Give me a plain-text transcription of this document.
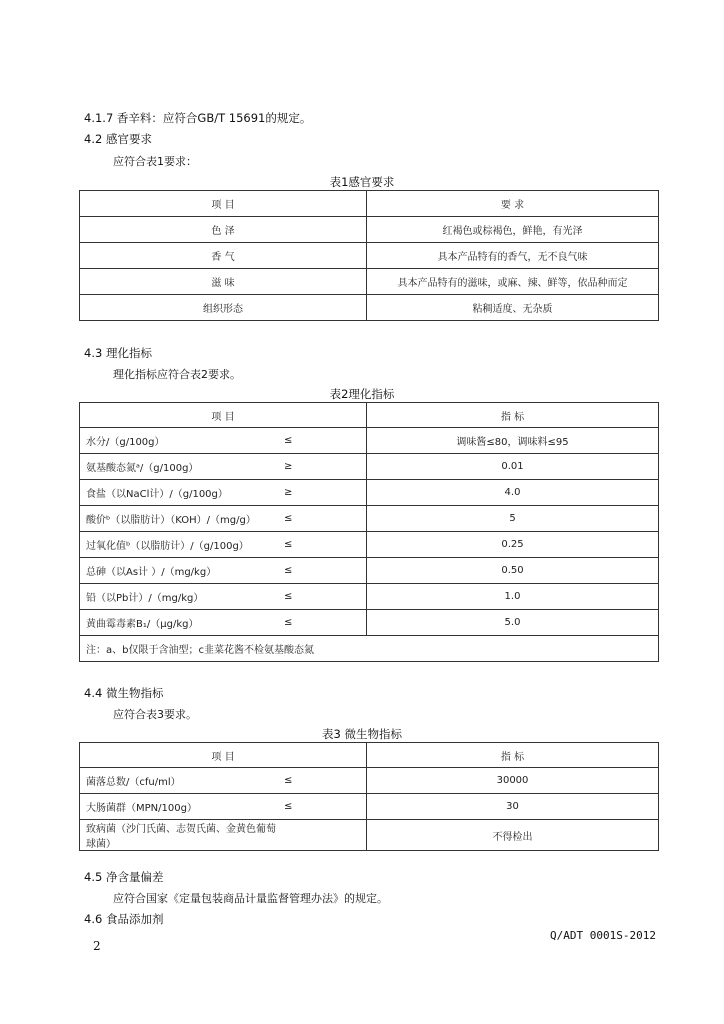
4.1.7 香辛料：应符合GB/T 15691的规定。
4.2 感官要求
应符合表1要求：
表1感官要求
项 目	要 求
色 泽	红褐色或棕褐色，鲜艳，有光泽
香 气	具本产品特有的香气，无不良气味
滋 味	具本产品特有的滋味，或麻、辣、鲜等，依品种而定
组织形态	粘稠适度、无杂质
4.3 理化指标
理化指标应符合表2要求。
表2理化指标
项 目	指 标

水分/（g/100g） ≤	调味酱≤80，调味料≤95

氨基酸态氮ᵃ/（g/100g） ≥	0.01

食盐（以NaCl计）/（g/100g） ≥	4.0

酸价ᵇ（以脂肪计）（KOH）/（mg/g） ≤	5

过氧化值ᵇ（以脂肪计）/（g/100g） ≤	0.25

总砷（以As计 ）/（mg/kg） ≤	0.50

铅（以Pb计）/（mg/kg） ≤	1.0

黄曲霉毒素B₁/（μg/kg） ≤	5.0
注：a、b仅限于含油型；c韭菜花酱不检氨基酸态氮	
4.4 微生物指标
应符合表3要求。
表3 微生物指标
项 目	指 标

菌落总数/（cfu/ml） ≤	30000

大肠菌群（MPN/100g） ≤	30

致病菌（沙门氏菌、志贺氏菌、金黄色葡萄球菌）	不得检出
4.5 净含量偏差
应符合国家《定量包装商品计量监督管理办法》的规定。
4.6 食品添加剂
Q/ADT 0001S-2012
2
